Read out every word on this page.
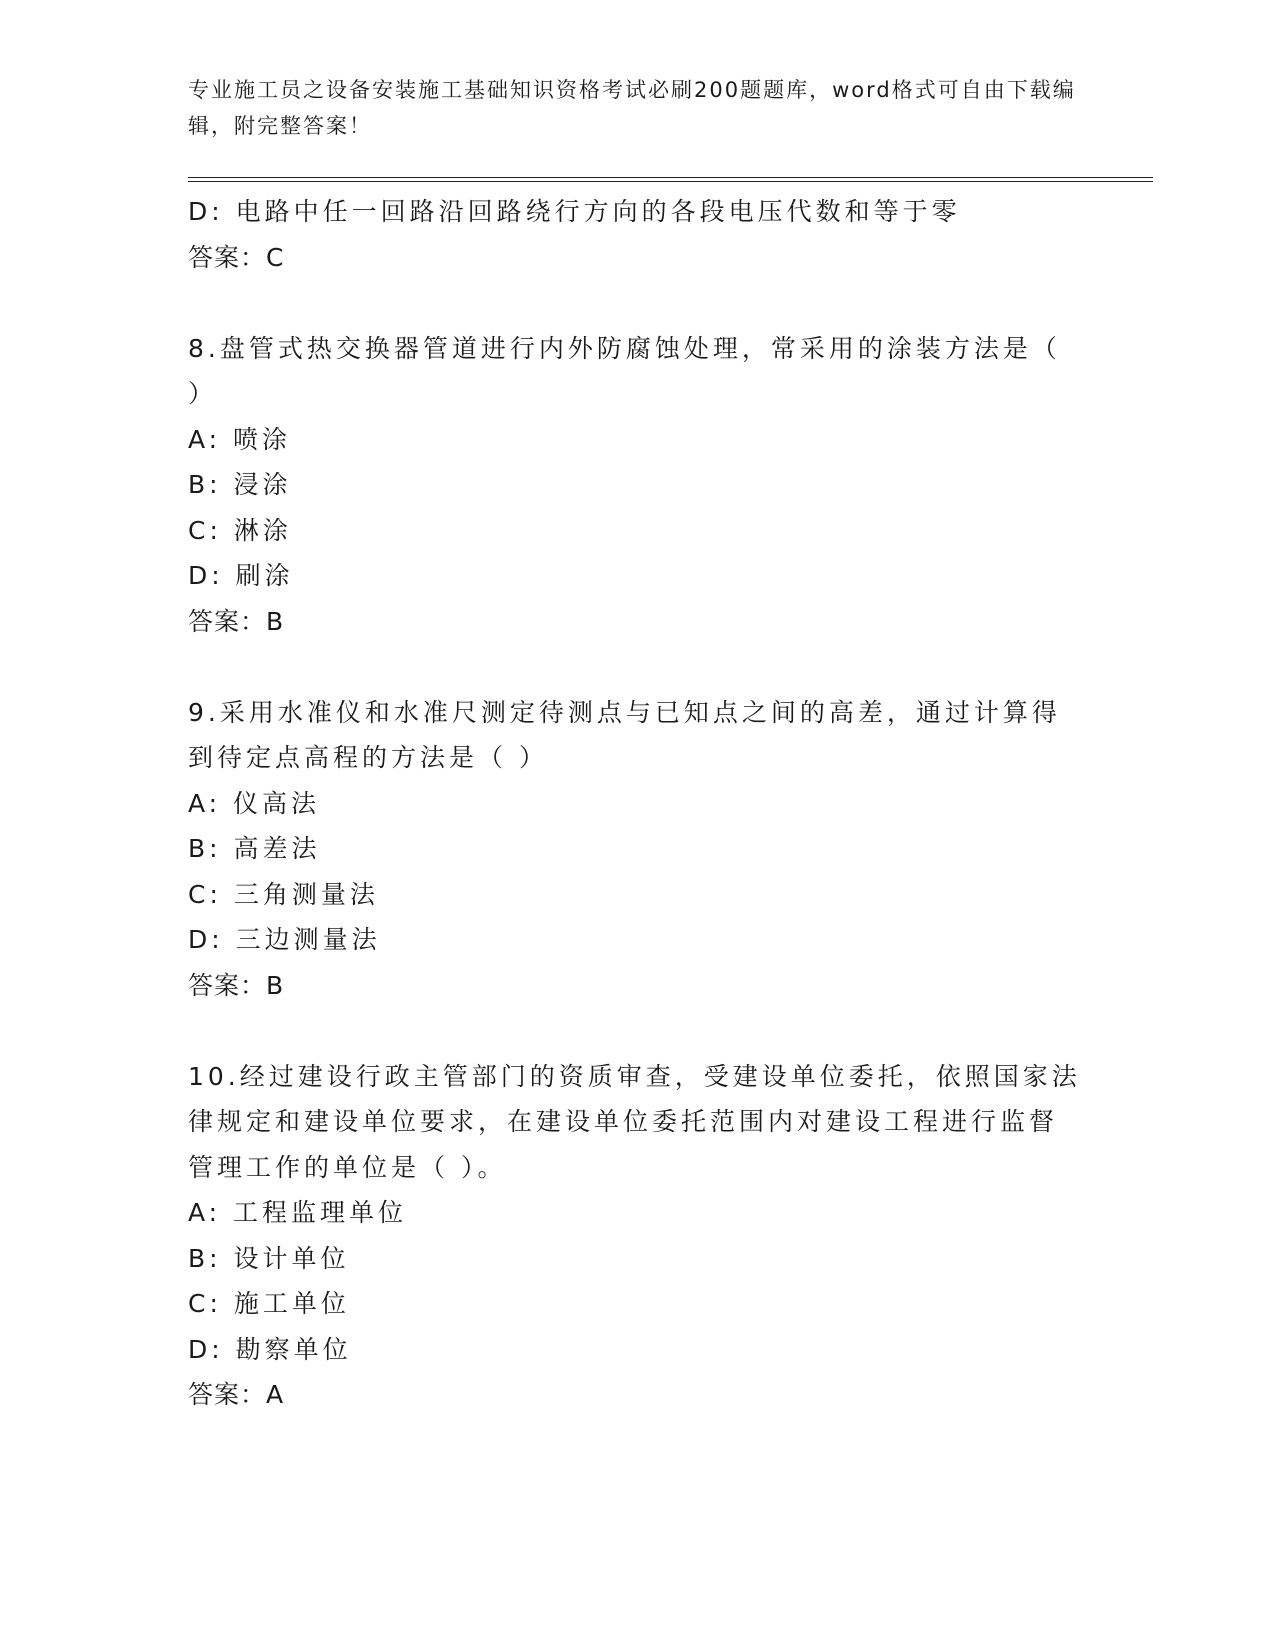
专业施工员之设备安装施工基础知识资格考试必刷200题题库，word格式可自由下载编辑，附完整答案！
D: 电路中任一回路沿回路绕行方向的各段电压代数和等于零
答案：C
8.盘管式热交换器管道进行内外防腐蚀处理，常采用的涂装方法是（
）
A: 喷涂
B: 浸涂
C: 淋涂
D: 刷涂
答案：B
9.采用水准仪和水准尺测定待测点与已知点之间的高差，通过计算得
到待定点高程的方法是（ ）
A: 仪高法
B: 高差法
C: 三角测量法
D: 三边测量法
答案：B
10.经过建设行政主管部门的资质审查，受建设单位委托，依照国家法
律规定和建设单位要求，在建设单位委托范围内对建设工程进行监督
管理工作的单位是（ ）。
A: 工程监理单位
B: 设计单位
C: 施工单位
D: 勘察单位
答案：A
